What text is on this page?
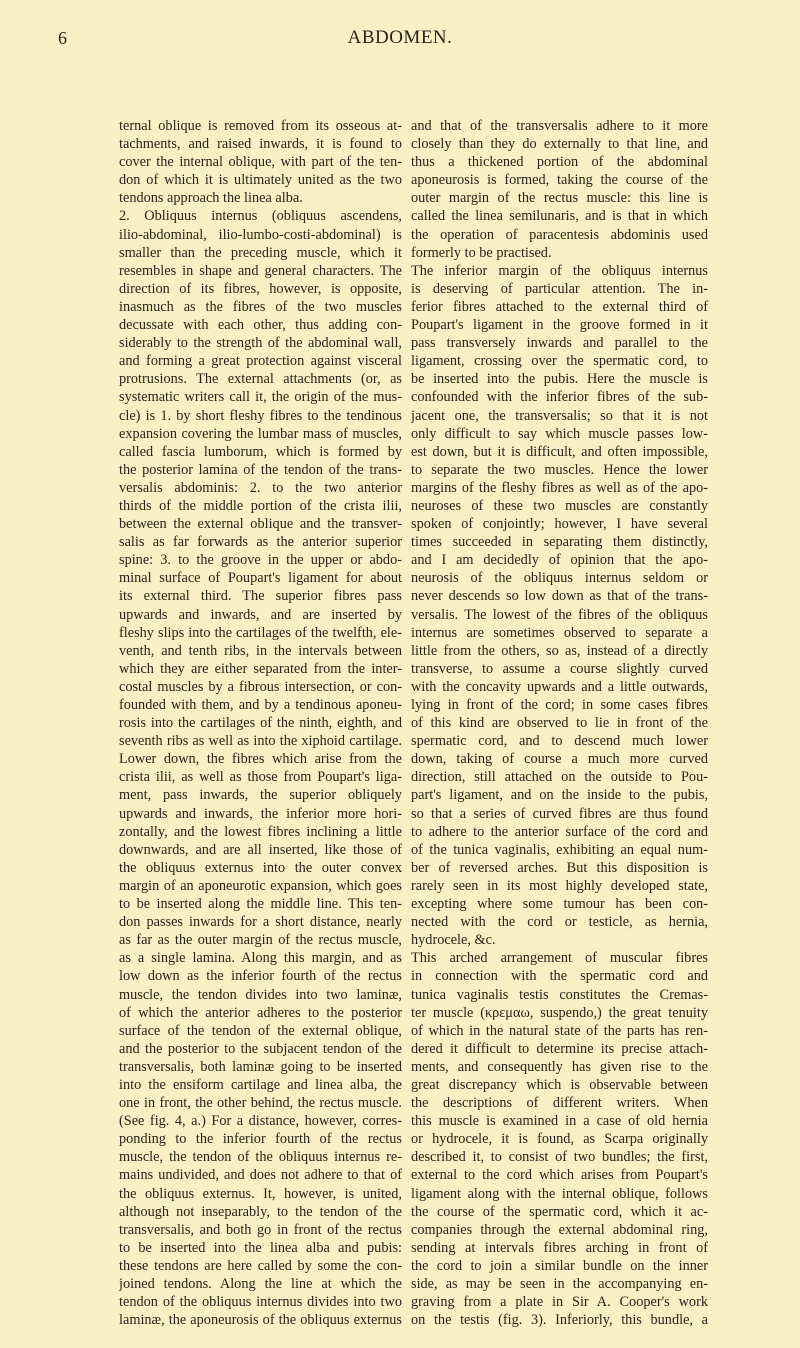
6	ABDOMEN.
ternal oblique is removed from its osseous at-
tachments, and raised inwards, it is found to
cover the internal oblique, with part of the ten-
don of which it is ultimately united as the two
tendons approach the linea alba.
2. Obliquus internus (obliquus ascendens,
ilio-abdominal, ilio-lumbo-costi-abdominal) is
smaller than the preceding muscle, which it
resembles in shape and general characters. The
direction of its fibres, however, is opposite,
inasmuch as the fibres of the two muscles
decussate with each other, thus adding con-
siderably to the strength of the abdominal wall,
and forming a great protection against visceral
protrusions. The external attachments (or, as
systematic writers call it, the origin of the mus-
cle) is 1. by short fleshy fibres to the tendinous
expansion covering the lumbar mass of muscles,
called fascia lumborum, which is formed by
the posterior lamina of the tendon of the trans-
versalis abdominis: 2. to the two anterior
thirds of the middle portion of the crista ilii,
between the external oblique and the transver-
salis as far forwards as the anterior superior
spine: 3. to the groove in the upper or abdo-
minal surface of Poupart's ligament for about
its external third. The superior fibres pass
upwards and inwards, and are inserted by
fleshy slips into the cartilages of the twelfth, ele-
venth, and tenth ribs, in the intervals between
which they are either separated from the inter-
costal muscles by a fibrous intersection, or con-
founded with them, and by a tendinous aponeu-
rosis into the cartilages of the ninth, eighth, and
seventh ribs as well as into the xiphoid cartilage.
Lower down, the fibres which arise from the
crista ilii, as well as those from Poupart's liga-
ment, pass inwards, the superior obliquely
upwards and inwards, the inferior more hori-
zontally, and the lowest fibres inclining a little
downwards, and are all inserted, like those of
the obliquus externus into the outer convex
margin of an aponeurotic expansion, which goes
to be inserted along the middle line. This ten-
don passes inwards for a short distance, nearly
as far as the outer margin of the rectus muscle,
as a single lamina. Along this margin, and as
low down as the inferior fourth of the rectus
muscle, the tendon divides into two laminæ,
of which the anterior adheres to the posterior
surface of the tendon of the external oblique,
and the posterior to the subjacent tendon of the
transversalis, both laminæ going to be inserted
into the ensiform cartilage and linea alba, the
one in front, the other behind, the rectus muscle.
(See fig. 4, a.) For a distance, however, corres-
ponding to the inferior fourth of the rectus
muscle, the tendon of the obliquus internus re-
mains undivided, and does not adhere to that of
the obliquus externus. It, however, is united,
although not inseparably, to the tendon of the
transversalis, and both go in front of the rectus
to be inserted into the linea alba and pubis:
these tendons are here called by some the con-
joined tendons. Along the line at which the
tendon of the obliquus internus divides into two
laminæ, the aponeurosis of the obliquus externus
and that of the transversalis adhere to it more
closely than they do externally to that line, and
thus a thickened portion of the abdominal
aponeurosis is formed, taking the course of the
outer margin of the rectus muscle: this line is
called the linea semilunaris, and is that in which
the operation of paracentesis abdominis used
formerly to be practised.
The inferior margin of the obliquus internus
is deserving of particular attention. The in-
ferior fibres attached to the external third of
Poupart's ligament in the groove formed in it
pass transversely inwards and parallel to the
ligament, crossing over the spermatic cord, to
be inserted into the pubis. Here the muscle is
confounded with the inferior fibres of the sub-
jacent one, the transversalis; so that it is not
only difficult to say which muscle passes low-
est down, but it is difficult, and often impossible,
to separate the two muscles. Hence the lower
margins of the fleshy fibres as well as of the apo-
neuroses of these two muscles are constantly
spoken of conjointly; however, I have several
times succeeded in separating them distinctly,
and I am decidedly of opinion that the apo-
neurosis of the obliquus internus seldom or
never descends so low down as that of the trans-
versalis. The lowest of the fibres of the obliquus
internus are sometimes observed to separate a
little from the others, so as, instead of a directly
transverse, to assume a course slightly curved
with the concavity upwards and a little outwards,
lying in front of the cord; in some cases fibres
of this kind are observed to lie in front of the
spermatic cord, and to descend much lower
down, taking of course a much more curved
direction, still attached on the outside to Pou-
part's ligament, and on the inside to the pubis,
so that a series of curved fibres are thus found
to adhere to the anterior surface of the cord and
of the tunica vaginalis, exhibiting an equal num-
ber of reversed arches. But this disposition is
rarely seen in its most highly developed state,
excepting where some tumour has been con-
nected with the cord or testicle, as hernia,
hydrocele, &c.
This arched arrangement of muscular fibres
in connection with the spermatic cord and
tunica vaginalis testis constitutes the Cremas-
ter muscle (κρεμαω, suspendo,) the great tenuity
of which in the natural state of the parts has ren-
dered it difficult to determine its precise attach-
ments, and consequently has given rise to the
great discrepancy which is observable between
the descriptions of different writers. When
this muscle is examined in a case of old hernia
or hydrocele, it is found, as Scarpa originally
described it, to consist of two bundles; the first,
external to the cord which arises from Poupart's
ligament along with the internal oblique, follows
the course of the spermatic cord, which it ac-
companies through the external abdominal ring,
sending at intervals fibres arching in front of
the cord to join a similar bundle on the inner
side, as may be seen in the accompanying en-
graving from a plate in Sir A. Cooper's work
on the testis (fig. 3). Inferiorly, this bundle, a
